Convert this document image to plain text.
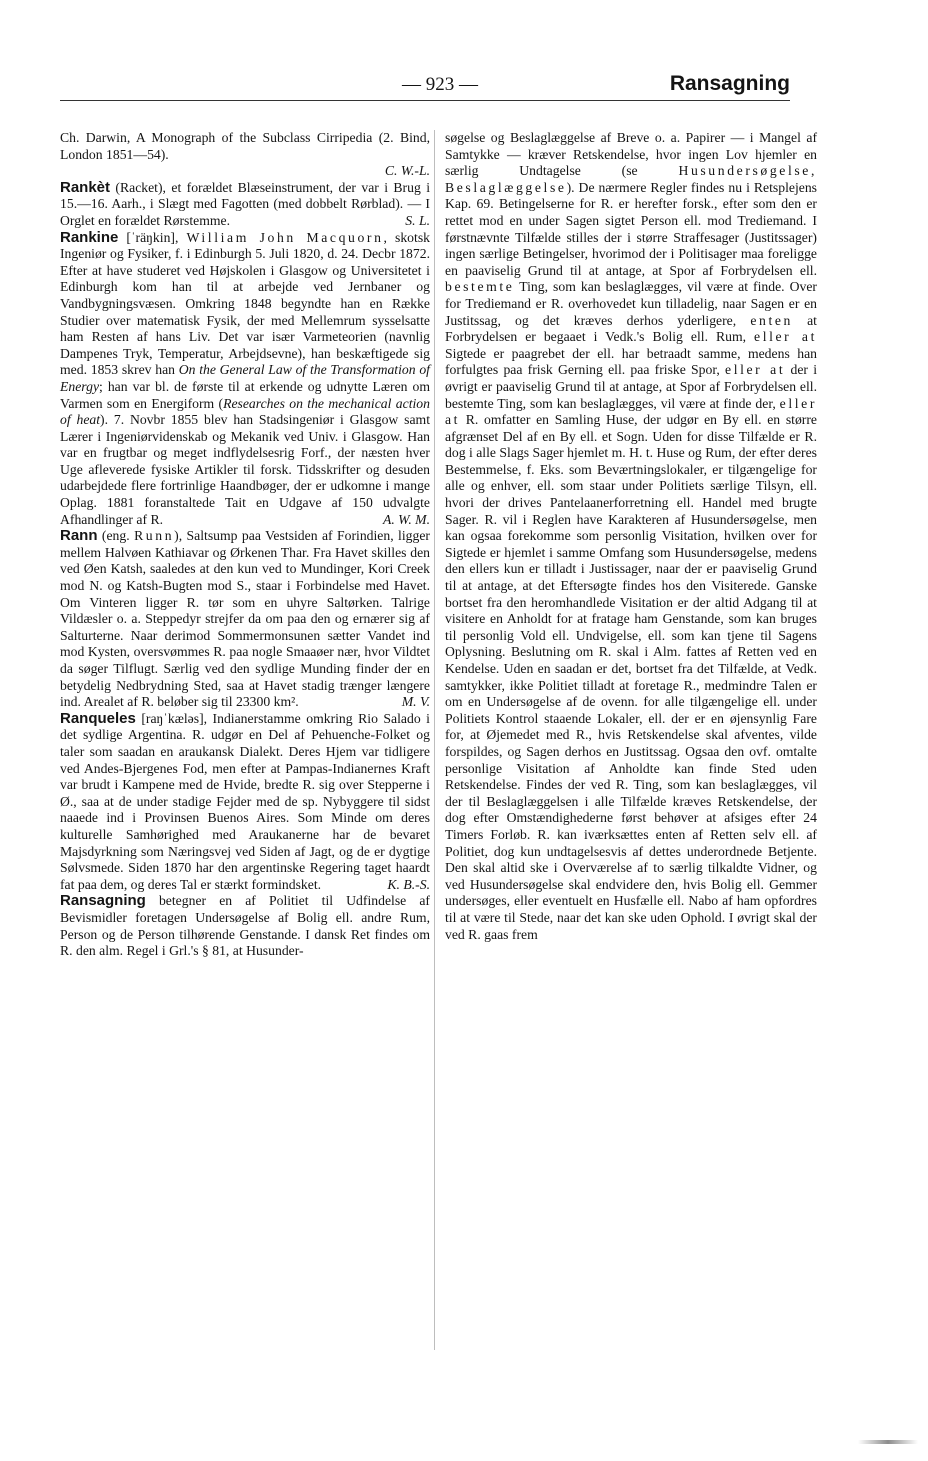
— 923 —	Ransagning

Ch. Darwin, A Monograph of the Subclass Cirripedia (2. Bind, London 1851—54).
C. W.-L.

Rankèt (Racket), et forældet Blæseinstrument, der var i Brug i 15.—16. Aarh., i Slægt med Fagotten (med dobbelt Rørblad). — I Orglet en forældet Rørstemme.	S. L.

Rankine [ˈräŋkin], William John Macquorn, skotsk Ingeniør og Fysiker, f. i Edinburgh 5. Juli 1820, d. 24. Decbr 1872. Efter at have studeret ved Højskolen i Glasgow og Universitetet i Edinburgh kom han til at arbejde ved Jernbaner og Vandbygningsvæsen. Omkring 1848 begyndte han en Række Studier over matematisk Fysik, der med Mellemrum sysselsatte ham Resten af hans Liv. Det var især Varmeteorien (navnlig Dampenes Tryk, Temperatur, Arbejdsevne), han beskæftigede sig med. 1853 skrev han On the General Law of the Transformation of Energy; han var bl. de første til at erkende og udnytte Læren om Varmen som en Energiform (Researches on the mechanical action of heat). 7. Novbr 1855 blev han Stadsingeniør i Glasgow samt Lærer i Ingeniørvidenskab og Mekanik ved Univ. i Glasgow. Han var en frugtbar og meget indflydelsesrig Forf., der næsten hver Uge afleverede fysiske Artikler til forsk. Tidsskrifter og desuden udarbejdede flere fortrinlige Haandbøger, der er udkomne i mange Oplag. 1881 foranstaltede Tait en Udgave af 150 udvalgte Afhandlinger af R.	A. W. M.

Rann (eng. Runn), Saltsump paa Vestsiden af Forindien, ligger mellem Halvøen Kathiavar og Ørkenen Thar. Fra Havet skilles den ved Øen Katsh, saaledes at den kun ved to Mundinger, Kori Creek mod N. og Katsh-Bugten mod S., staar i Forbindelse med Havet. Om Vinteren ligger R. tør som en uhyre Saltørken. Talrige Vildæsler o. a. Steppedyr strejfer da om paa den og ernærer sig af Salturterne. Naar derimod Sommermonsunen sætter Vandet ind mod Kysten, oversvømmes R. paa nogle Smaaøer nær, hvor Vildtet da søger Tilflugt. Særlig ved den sydlige Munding finder der en betydelig Nedbrydning Sted, saa at Havet stadig trænger længere ind. Arealet af R. beløber sig til 23300 km².	M. V.

Ranqueles [raŋˈkæləs], Indianerstamme omkring Rio Salado i det sydlige Argentina. R. udgør en Del af Pehuenche-Folket og taler som saadan en araukansk Dialekt. Deres Hjem var tidligere ved Andes-Bjergenes Fod, men efter at Pampas-Indianernes Kraft var brudt i Kampene med de Hvide, bredte R. sig over Stepperne i Ø., saa at de under stadige Fejder med de sp. Nybyggere til sidst naaede ind i Provinsen Buenos Aires. Som Minde om deres kulturelle Samhørighed med Araukanerne har de bevaret Majsdyrkning som Næringsvej ved Siden af Jagt, og de er dygtige Sølvsmede. Siden 1870 har den argentinske Regering taget haardt fat paa dem, og deres Tal er stærkt formindsket.	K. B.-S.

Ransagning betegner en af Politiet til Udfindelse af Bevismidler foretagen Undersøgelse af Bolig ell. andre Rum, Person og de Person tilhørende Genstande. I dansk Ret findes om R. den alm. Regel i Grl.'s § 81, at Husunder-

søgelse og Beslaglæggelse af Breve o. a. Papirer — i Mangel af Samtykke — kræver Retskendelse, hvor ingen Lov hjemler en særlig Undtagelse (se Husundersøgelse, Beslaglæggelse). De nærmere Regler findes nu i Retsplejens Kap. 69. Betingelserne for R. er herefter forsk., efter som den er rettet mod en under Sagen sigtet Person ell. mod Trediemand. I førstnævnte Tilfælde stilles der i større Straffesager (Justitssager) ingen særlige Betingelser, hvorimod der i Politisager maa foreligge en paaviselig Grund til at antage, at Spor af Forbrydelsen ell. bestemte Ting, som kan beslaglægges, vil være at finde. Over for Trediemand er R. overhovedet kun tilladelig, naar Sagen er en Justitssag, og det kræves derhos yderligere, enten at Forbrydelsen er begaaet i Vedk.'s Bolig ell. Rum, eller at Sigtede er paagrebet der ell. har betraadt samme, medens han forfulgtes paa frisk Gerning ell. paa friske Spor, eller at der i øvrigt er paaviselig Grund til at antage, at Spor af Forbrydelsen ell. bestemte Ting, som kan beslaglægges, vil være at finde der, eller at R. omfatter en Samling Huse, der udgør en By ell. en større afgrænset Del af en By ell. et Sogn. Uden for disse Tilfælde er R. dog i alle Slags Sager hjemlet m. H. t. Huse og Rum, der efter deres Bestemmelse, f. Eks. som Beværtningslokaler, er tilgængelige for alle og enhver, ell. som staar under Politiets særlige Tilsyn, ell. hvori der drives Pantelaanerforretning ell. Handel med brugte Sager. R. vil i Reglen have Karakteren af Husundersøgelse, men kan ogsaa forekomme som personlig Visitation, hvilken over for Sigtede er hjemlet i samme Omfang som Husundersøgelse, medens den ellers kun er tilladt i Justissager, naar der er paaviselig Grund til at antage, at det Eftersøgte findes hos den Visiterede. Ganske bortset fra den heromhandlede Visitation er der altid Adgang til at visitere en Anholdt for at fratage ham Genstande, som kan bruges til personlig Vold ell. Undvigelse, ell. som kan tjene til Sagens Oplysning. Beslutning om R. skal i Alm. fattes af Retten ved en Kendelse. Uden en saadan er det, bortset fra det Tilfælde, at Vedk. samtykker, ikke Politiet tilladt at foretage R., medmindre Talen er om en Undersøgelse af de ovenn. for alle tilgængelige ell. under Politiets Kontrol staaende Lokaler, ell. der er en øjensynlig Fare for, at Øjemedet med R., hvis Retskendelse skal afventes, vilde forspildes, og Sagen derhos en Justitssag. Ogsaa den ovf. omtalte personlige Visitation af Anholdte kan finde Sted uden Retskendelse. Findes der ved R. Ting, som kan beslaglægges, vil der til Beslaglæggelsen i alle Tilfælde kræves Retskendelse, der dog efter Omstændighederne først behøver at afsiges efter 24 Timers Forløb. R. kan iværksættes enten af Retten selv ell. af Politiet, dog kun undtagelsesvis af dettes underordnede Betjente. Den skal altid ske i Overværelse af to særlig tilkaldte Vidner, og ved Husundersøgelse skal endvidere den, hvis Bolig ell. Gemmer undersøges, eller eventuelt en Husfælle ell. Nabo af ham opfordres til at være til Stede, naar det kan ske uden Ophold. I øvrigt skal der ved R. gaas frem
